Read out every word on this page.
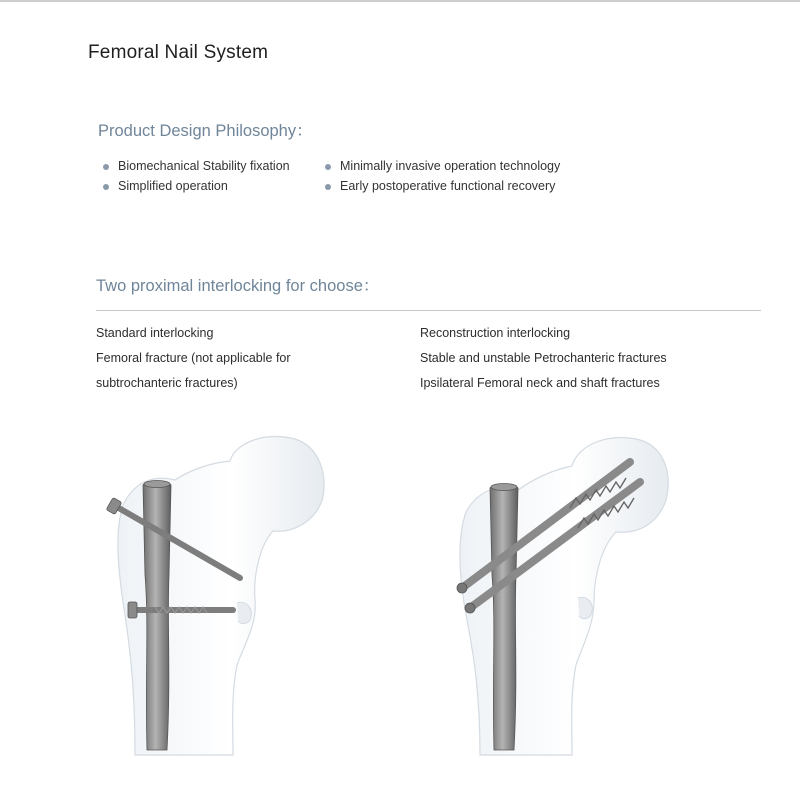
Femoral Nail System
Product Design Philosophy：
Biomechanical Stability fixation	Minimally invasive operation technology
Simplified operation	Early postoperative functional recovery
Two proximal interlocking for choose：
Standard interlocking
Femoral fracture (not applicable for
subtrochanteric fractures)
Reconstruction interlocking
Stable and unstable Petrochanteric fractures
Ipsilateral Femoral neck and shaft fractures
